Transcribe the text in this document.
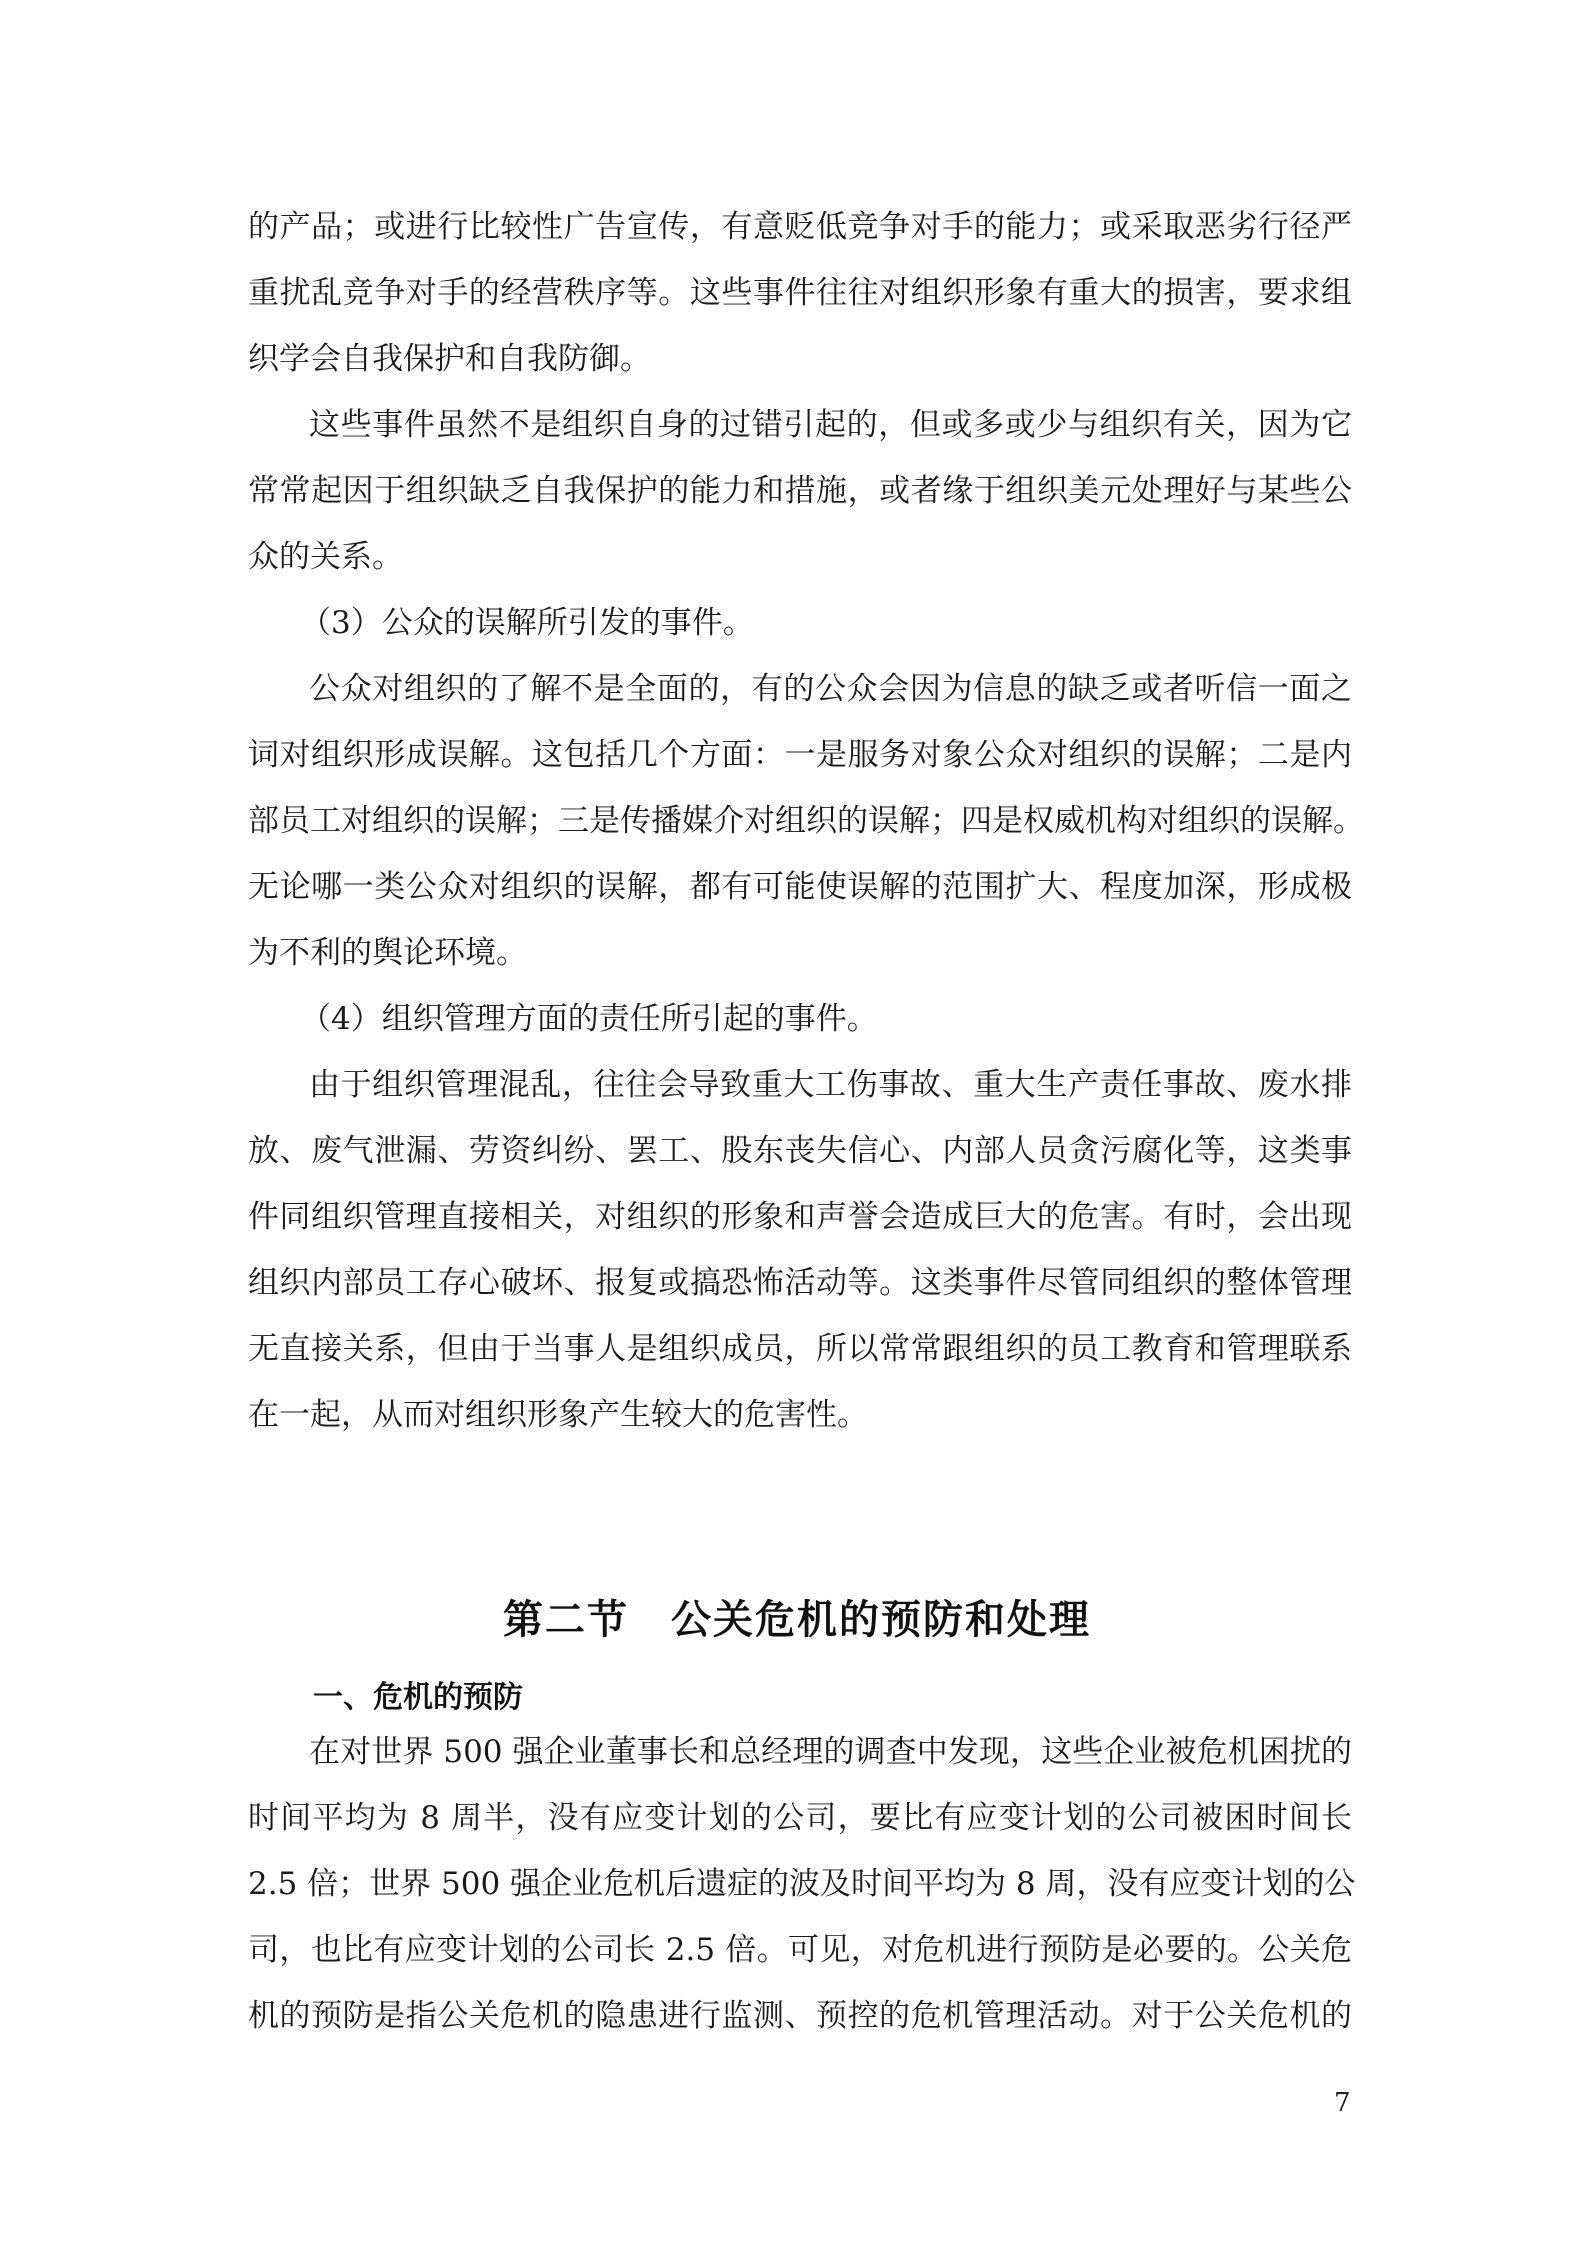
的产品；或进行比较性广告宣传，有意贬低竞争对手的能力；或采取恶劣行径严
重扰乱竞争对手的经营秩序等。这些事件往往对组织形象有重大的损害，要求组
织学会自我保护和自我防御。
这些事件虽然不是组织自身的过错引起的，但或多或少与组织有关，因为它
常常起因于组织缺乏自我保护的能力和措施，或者缘于组织美元处理好与某些公
众的关系。
（3）公众的误解所引发的事件。
公众对组织的了解不是全面的，有的公众会因为信息的缺乏或者听信一面之
词对组织形成误解。这包括几个方面：一是服务对象公众对组织的误解；二是内
部员工对组织的误解；三是传播媒介对组织的误解；四是权威机构对组织的误解。
无论哪一类公众对组织的误解，都有可能使误解的范围扩大、程度加深，形成极
为不利的舆论环境。
（4）组织管理方面的责任所引起的事件。
由于组织管理混乱，往往会导致重大工伤事故、重大生产责任事故、废水排
放、废气泄漏、劳资纠纷、罢工、股东丧失信心、内部人员贪污腐化等，这类事
件同组织管理直接相关，对组织的形象和声誉会造成巨大的危害。有时，会出现
组织内部员工存心破坏、报复或搞恐怖活动等。这类事件尽管同组织的整体管理
无直接关系，但由于当事人是组织成员，所以常常跟组织的员工教育和管理联系
在一起，从而对组织形象产生较大的危害性。
第二节　公关危机的预防和处理
一、危机的预防
在对世界 500 强企业董事长和总经理的调查中发现，这些企业被危机困扰的
时间平均为 8 周半，没有应变计划的公司，要比有应变计划的公司被困时间长
2.5 倍；世界 500 强企业危机后遗症的波及时间平均为 8 周，没有应变计划的公
司，也比有应变计划的公司长 2.5 倍。可见，对危机进行预防是必要的。公关危
机的预防是指公关危机的隐患进行监测、预控的危机管理活动。对于公关危机的
7
